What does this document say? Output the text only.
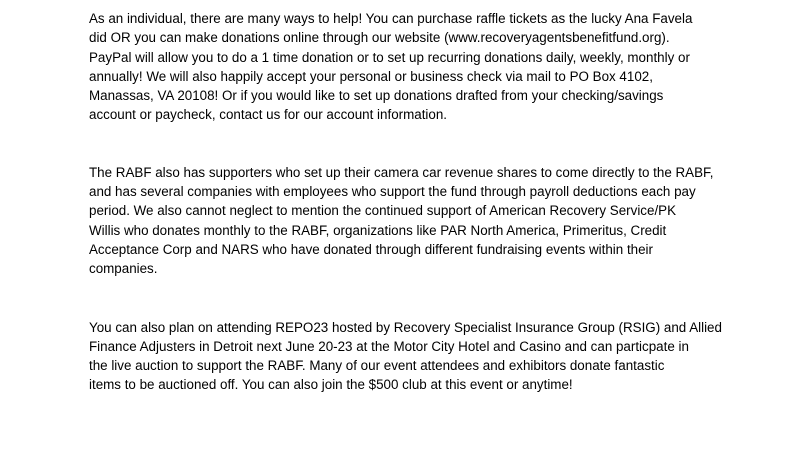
As an individual, there are many ways to help! You can purchase raffle tickets as the lucky Ana Favela
did OR you can make donations online through our website (www.recoveryagentsbenefitfund.org).
PayPal will allow you to do a 1 time donation or to set up recurring donations daily, weekly, monthly or
annually! We will also happily accept your personal or business check via mail to PO Box 4102,
Manassas, VA 20108! Or if you would like to set up donations drafted from your checking/savings
account or paycheck, contact us for our account information.

The RABF also has supporters who set up their camera car revenue shares to come directly to the RABF,
and has several companies with employees who support the fund through payroll deductions each pay
period. We also cannot neglect to mention the continued support of American Recovery Service/PK
Willis who donates monthly to the RABF, organizations like PAR North America, Primeritus, Credit
Acceptance Corp and NARS who have donated through different fundraising events within their
companies.

You can also plan on attending REPO23 hosted by Recovery Specialist Insurance Group (RSIG) and Allied
Finance Adjusters in Detroit next June 20-23 at the Motor City Hotel and Casino and can particpate in
the live auction to support the RABF. Many of our event attendees and exhibitors donate fantastic
items to be auctioned off. You can also join the $500 club at this event or anytime!
